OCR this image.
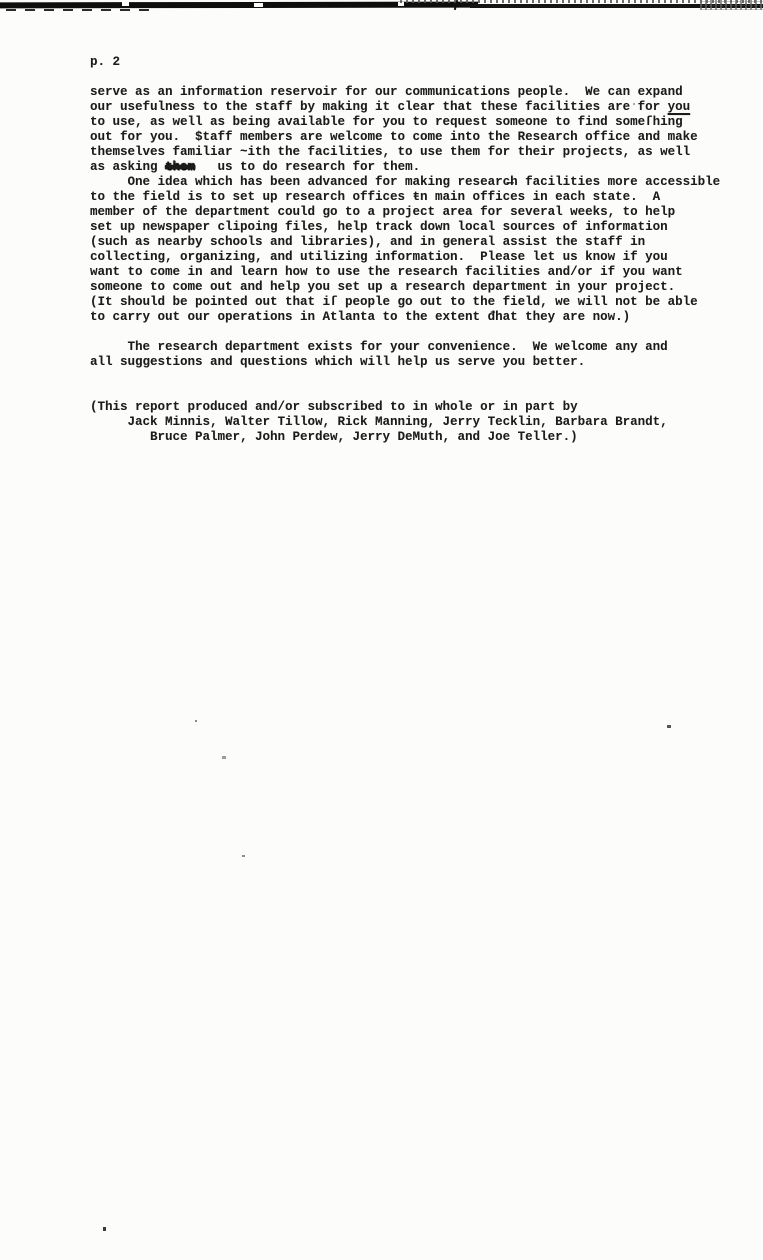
p. 2
serve as an information reservoir for our communications people.  We can expand
our usefulness to the staff by making it clear that these facilities are for you
to use, as well as being available for you to request someone to find someſhing
out for you.  $taff members are welcome to come into the Research office and make
themselves familiar ~ith the facilities, to use them for their projects, as well
as asking them   us to do research for them.
One idea which has been advanced for making researc̶h facilities more accessible
to the field is to set up research offices ŧn main offices in each state.  A
member of the department could go to a project area for several weeks, to help
set up newspaper clipoing files, help track down local sources of information
(such as nearby schools and libraries), and in general assist the staff in
collecting, organizing, and utilizing information.  Please let us know if you
want to come in and learn how to use the research facilities and/or if you want
someone to come out and help you set up a research department in your project.
(It should be pointed out that iſ people go out to the field, we will not be able
to carry out our operations in Atlanta to the extent đhat they are now.)
The research department exists for your convenience.  We welcome any and
all suggestions and questions which will help us serve you better.
(This report produced and/or subscribed to in whole or in part by
Jack Minnis, Walter Tillow, Rick Manning, Jerry Tecklin, Barbara Brandt,
Bruce Palmer, John Perdew, Jerry DeMuth, and Joe Teller.)
